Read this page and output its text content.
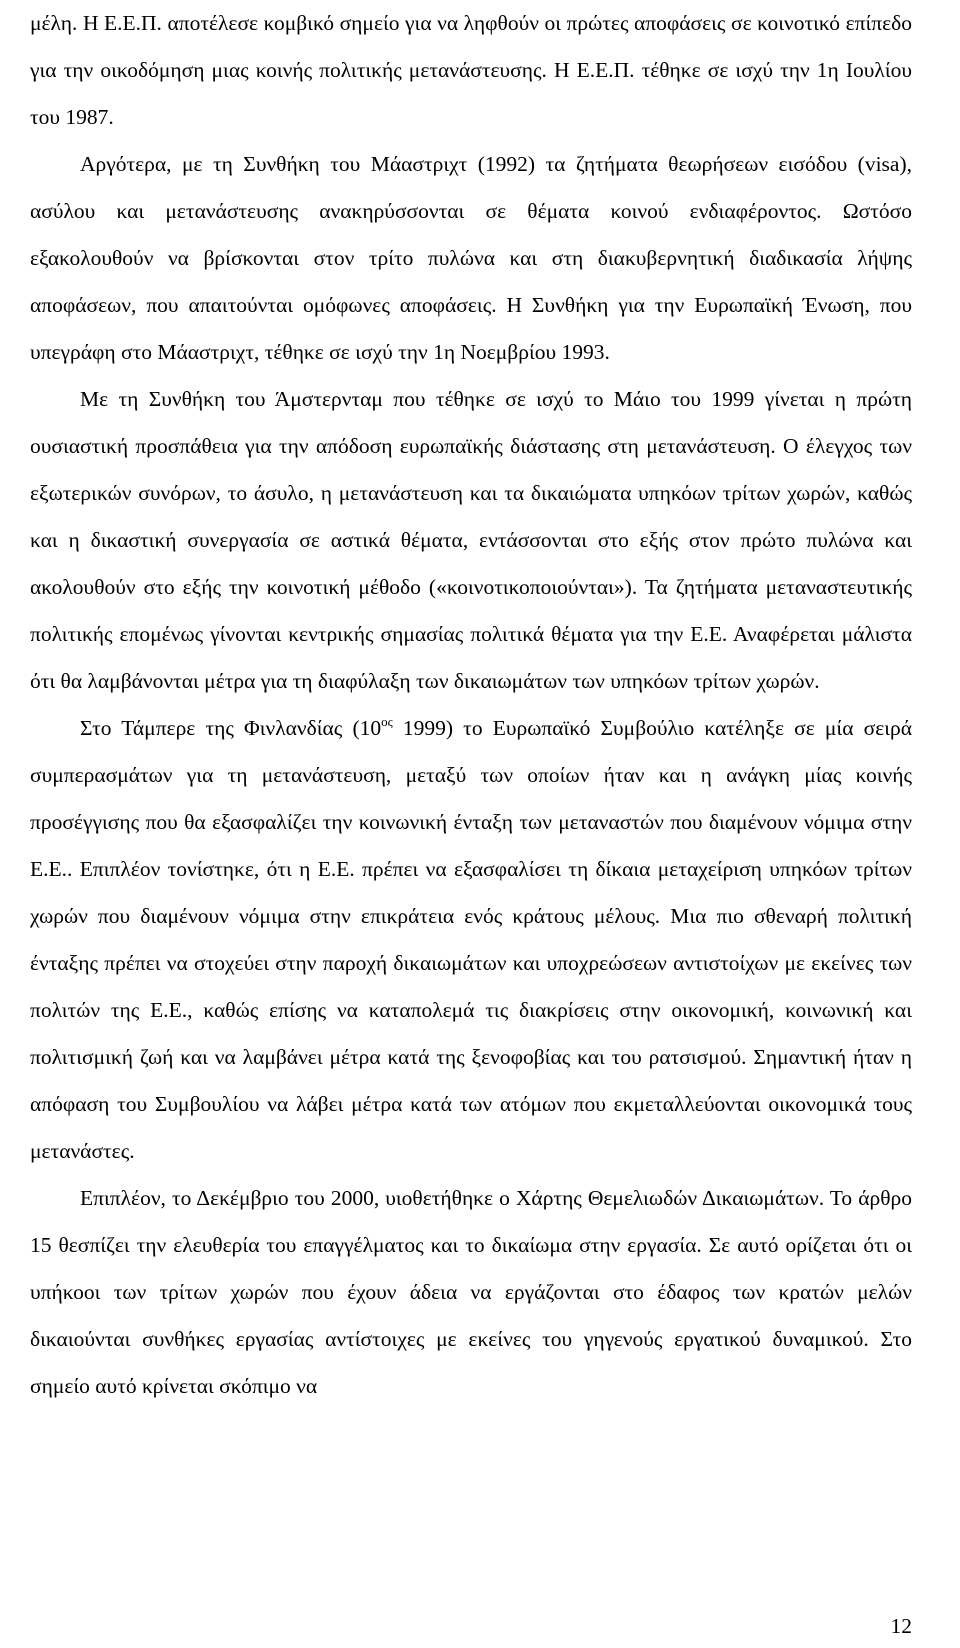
μέλη. Η Ε.Ε.Π. αποτέλεσε κομβικό σημείο για να ληφθούν οι πρώτες αποφάσεις σε κοινοτικό επίπεδο για την οικοδόμηση μιας κοινής πολιτικής μετανάστευσης. Η Ε.Ε.Π. τέθηκε σε ισχύ την 1η Ιουλίου του 1987.

Αργότερα, με τη Συνθήκη του Μάαστριχτ (1992) τα ζητήματα θεωρήσεων εισόδου (visa), ασύλου και μετανάστευσης ανακηρύσσονται σε θέματα κοινού ενδιαφέροντος. Ωστόσο εξακολουθούν να βρίσκονται στον τρίτο πυλώνα και στη διακυβερνητική διαδικασία λήψης αποφάσεων, που απαιτούνται ομόφωνες αποφάσεις. Η Συνθήκη για την Ευρωπαϊκή Ένωση, που υπεγράφη στο Μάαστριχτ, τέθηκε σε ισχύ την 1η Νοεμβρίου 1993.

Με τη Συνθήκη του Άμστερνταμ που τέθηκε σε ισχύ το Μάιο του 1999 γίνεται η πρώτη ουσιαστική προσπάθεια για την απόδοση ευρωπαϊκής διάστασης στη μετανάστευση. Ο έλεγχος των εξωτερικών συνόρων, το άσυλο, η μετανάστευση και τα δικαιώματα υπηκόων τρίτων χωρών, καθώς και η δικαστική συνεργασία σε αστικά θέματα, εντάσσονται στο εξής στον πρώτο πυλώνα και ακολουθούν στο εξής την κοινοτική μέθοδο («κοινοτικοποιούνται»). Τα ζητήματα μεταναστευτικής πολιτικής επομένως γίνονται κεντρικής σημασίας πολιτικά θέματα για την Ε.Ε. Αναφέρεται μάλιστα ότι θα λαμβάνονται μέτρα για τη διαφύλαξη των δικαιωμάτων των υπηκόων τρίτων χωρών.

Στο Τάμπερε της Φινλανδίας ($10^{o\varsigma}$ 1999) το Ευρωπαϊκό Συμβούλιο κατέληξε σε μία σειρά συμπερασμάτων για τη μετανάστευση, μεταξύ των οποίων ήταν και η ανάγκη μίας κοινής προσέγγισης που θα εξασφαλίζει την κοινωνική ένταξη των μεταναστών που διαμένουν νόμιμα στην Ε.Ε.. Επιπλέον τονίστηκε, ότι η Ε.Ε. πρέπει να εξασφαλίσει τη δίκαια μεταχείριση υπηκόων τρίτων χωρών που διαμένουν νόμιμα στην επικράτεια ενός κράτους μέλους. Μια πιο σθεναρή πολιτική ένταξης πρέπει να στοχεύει στην παροχή δικαιωμάτων και υποχρεώσεων αντιστοίχων με εκείνες των πολιτών της Ε.Ε., καθώς επίσης να καταπολεμά τις διακρίσεις στην οικονομική, κοινωνική και πολιτισμική ζωή και να λαμβάνει μέτρα κατά της ξενοφοβίας και του ρατσισμού. Σημαντική ήταν η απόφαση του Συμβουλίου να λάβει μέτρα κατά των ατόμων που εκμεταλλεύονται οικονομικά τους μετανάστες.

Επιπλέον, το Δεκέμβριο του 2000, υιοθετήθηκε ο Χάρτης Θεμελιωδών Δικαιωμάτων. Το άρθρο 15 θεσπίζει την ελευθερία του επαγγέλματος και το δικαίωμα στην εργασία. Σε αυτό ορίζεται ότι οι υπήκοοι των τρίτων χωρών που έχουν άδεια να εργάζονται στο έδαφος των κρατών μελών δικαιούνται συνθήκες εργασίας αντίστοιχες με εκείνες του γηγενούς εργατικού δυναμικού. Στο σημείο αυτό κρίνεται σκόπιμο να

12
